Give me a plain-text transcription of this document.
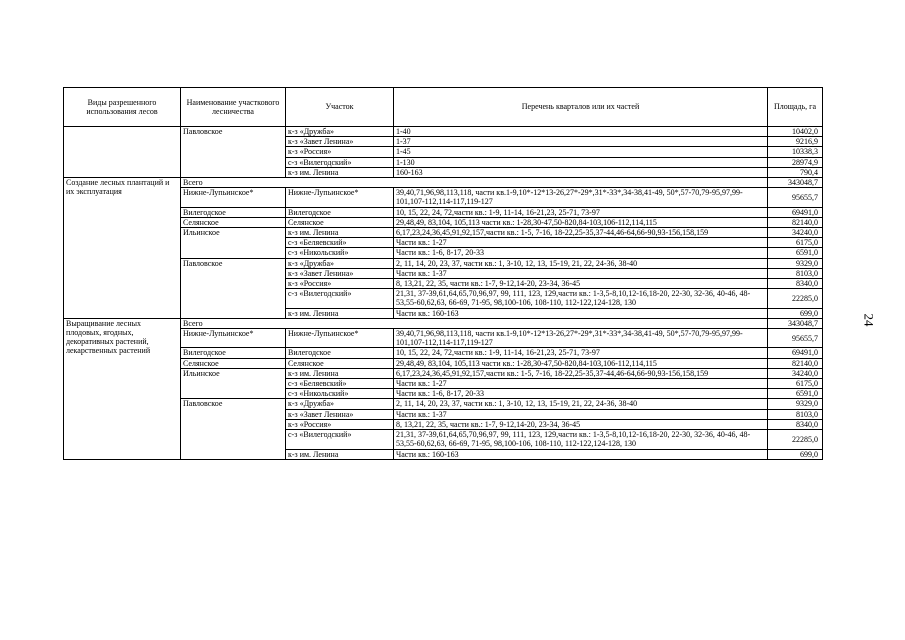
Виды разрешенного использования лесов	Наименование участкового лесничества	Участок	Перечень кварталов или их частей	Площадь, га
	Павловское	к-з «Дружба»	1-40	10402,0
		к-з «Завет Ленина»	1-37	9216,9
		к-з «Россия»	1-45	10338,3
		с-з «Вилегодский»	1-130	28974,9
		к-з им. Ленина	160-163	790,4
Создание лесных плантаций и их эксплуатация	Всего			343048,7
	Нижне-Лупьинское*	Нижне-Лупьинское*	39,40,71,96,98,113,118, части кв.1-9,10*-12*13-26,27*-29*,31*-33*,34-38,41-49, 50*,57-70,79-95,97,99-101,107-112,114-117,119-127	95655,7
	Вилегодское	Вилегодское	10, 15, 22, 24, 72,части кв.: 1-9, 11-14, 16-21,23, 25-71, 73-97	69491,0
	Селянское	Селянское	29,48,49, 83,104, 105,113 части кв.: 1-28,30-47,50-820,84-103,106-112,114,115	82140,0
	Ильинское	к-з им. Ленина	6,17,23,24,36,45,91,92,157,части кв.: 1-5, 7-16, 18-22,25-35,37-44,46-64,66-90,93-156,158,159	34240,0
		с-з «Беляевский»	Части кв.: 1-27	6175,0
		с-з «Никольский»	Части кв.: 1-6, 8-17, 20-33	6591,0
	Павловское	к-з «Дружба»	2, 11, 14, 20, 23, 37, части кв.: 1, 3-10, 12, 13, 15-19, 21, 22, 24-36, 38-40	9329,0
		к-з «Завет Ленина»	Части кв.: 1-37	8103,0
		к-з «Россия»	8, 13,21, 22, 35, части кв.: 1-7, 9-12,14-20, 23-34, 36-45	8340,0
		с-з «Вилегодский»	21,31, 37-39,61,64,65,70,96,97, 99, 111, 123, 129,части кв.: 1-3,5-8,10,12-16,18-20, 22-30, 32-36, 40-46, 48-53,55-60,62,63, 66-69, 71-95, 98,100-106, 108-110, 112-122,124-128, 130	22285,0
		к-з им. Ленина	Части кв.: 160-163	699,0
Выращивание лесных плодовых, ягодных, декоративных растений, лекарственных растений	Всего			343048,7
	Нижне-Лупьинское*	Нижне-Лупьинское*	39,40,71,96,98,113,118, части кв.1-9,10*-12*13-26,27*-29*,31*-33*,34-38,41-49, 50*,57-70,79-95,97,99-101,107-112,114-117,119-127	95655,7
	Вилегодское	Вилегодское	10, 15, 22, 24, 72,части кв.: 1-9, 11-14, 16-21,23, 25-71, 73-97	69491,0
	Селянское	Селянское	29,48,49, 83,104, 105,113 части кв.: 1-28,30-47,50-820,84-103,106-112,114,115	82140,0
	Ильинское	к-з им. Ленина	6,17,23,24,36,45,91,92,157,части кв.: 1-5, 7-16, 18-22,25-35,37-44,46-64,66-90,93-156,158,159	34240,0
		с-з «Беляевский»	Части кв.: 1-27	6175,0
		с-з «Никольский»	Части кв.: 1-6, 8-17, 20-33	6591,0
	Павловское	к-з «Дружба»	2, 11, 14, 20, 23, 37, части кв.: 1, 3-10, 12, 13, 15-19, 21, 22, 24-36, 38-40	9329,0
		к-з «Завет Ленина»	Части кв.: 1-37	8103,0
		к-з «Россия»	8, 13,21, 22, 35, части кв.: 1-7, 9-12,14-20, 23-34, 36-45	8340,0
		с-з «Вилегодский»	21,31, 37-39,61,64,65,70,96,97, 99, 111, 123, 129,части кв.: 1-3,5-8,10,12-16,18-20, 22-30, 32-36, 40-46, 48-53,55-60,62,63, 66-69, 71-95, 98,100-106, 108-110, 112-122,124-128, 130	22285,0
		к-з им. Ленина	Части кв.: 160-163	699,0
24
